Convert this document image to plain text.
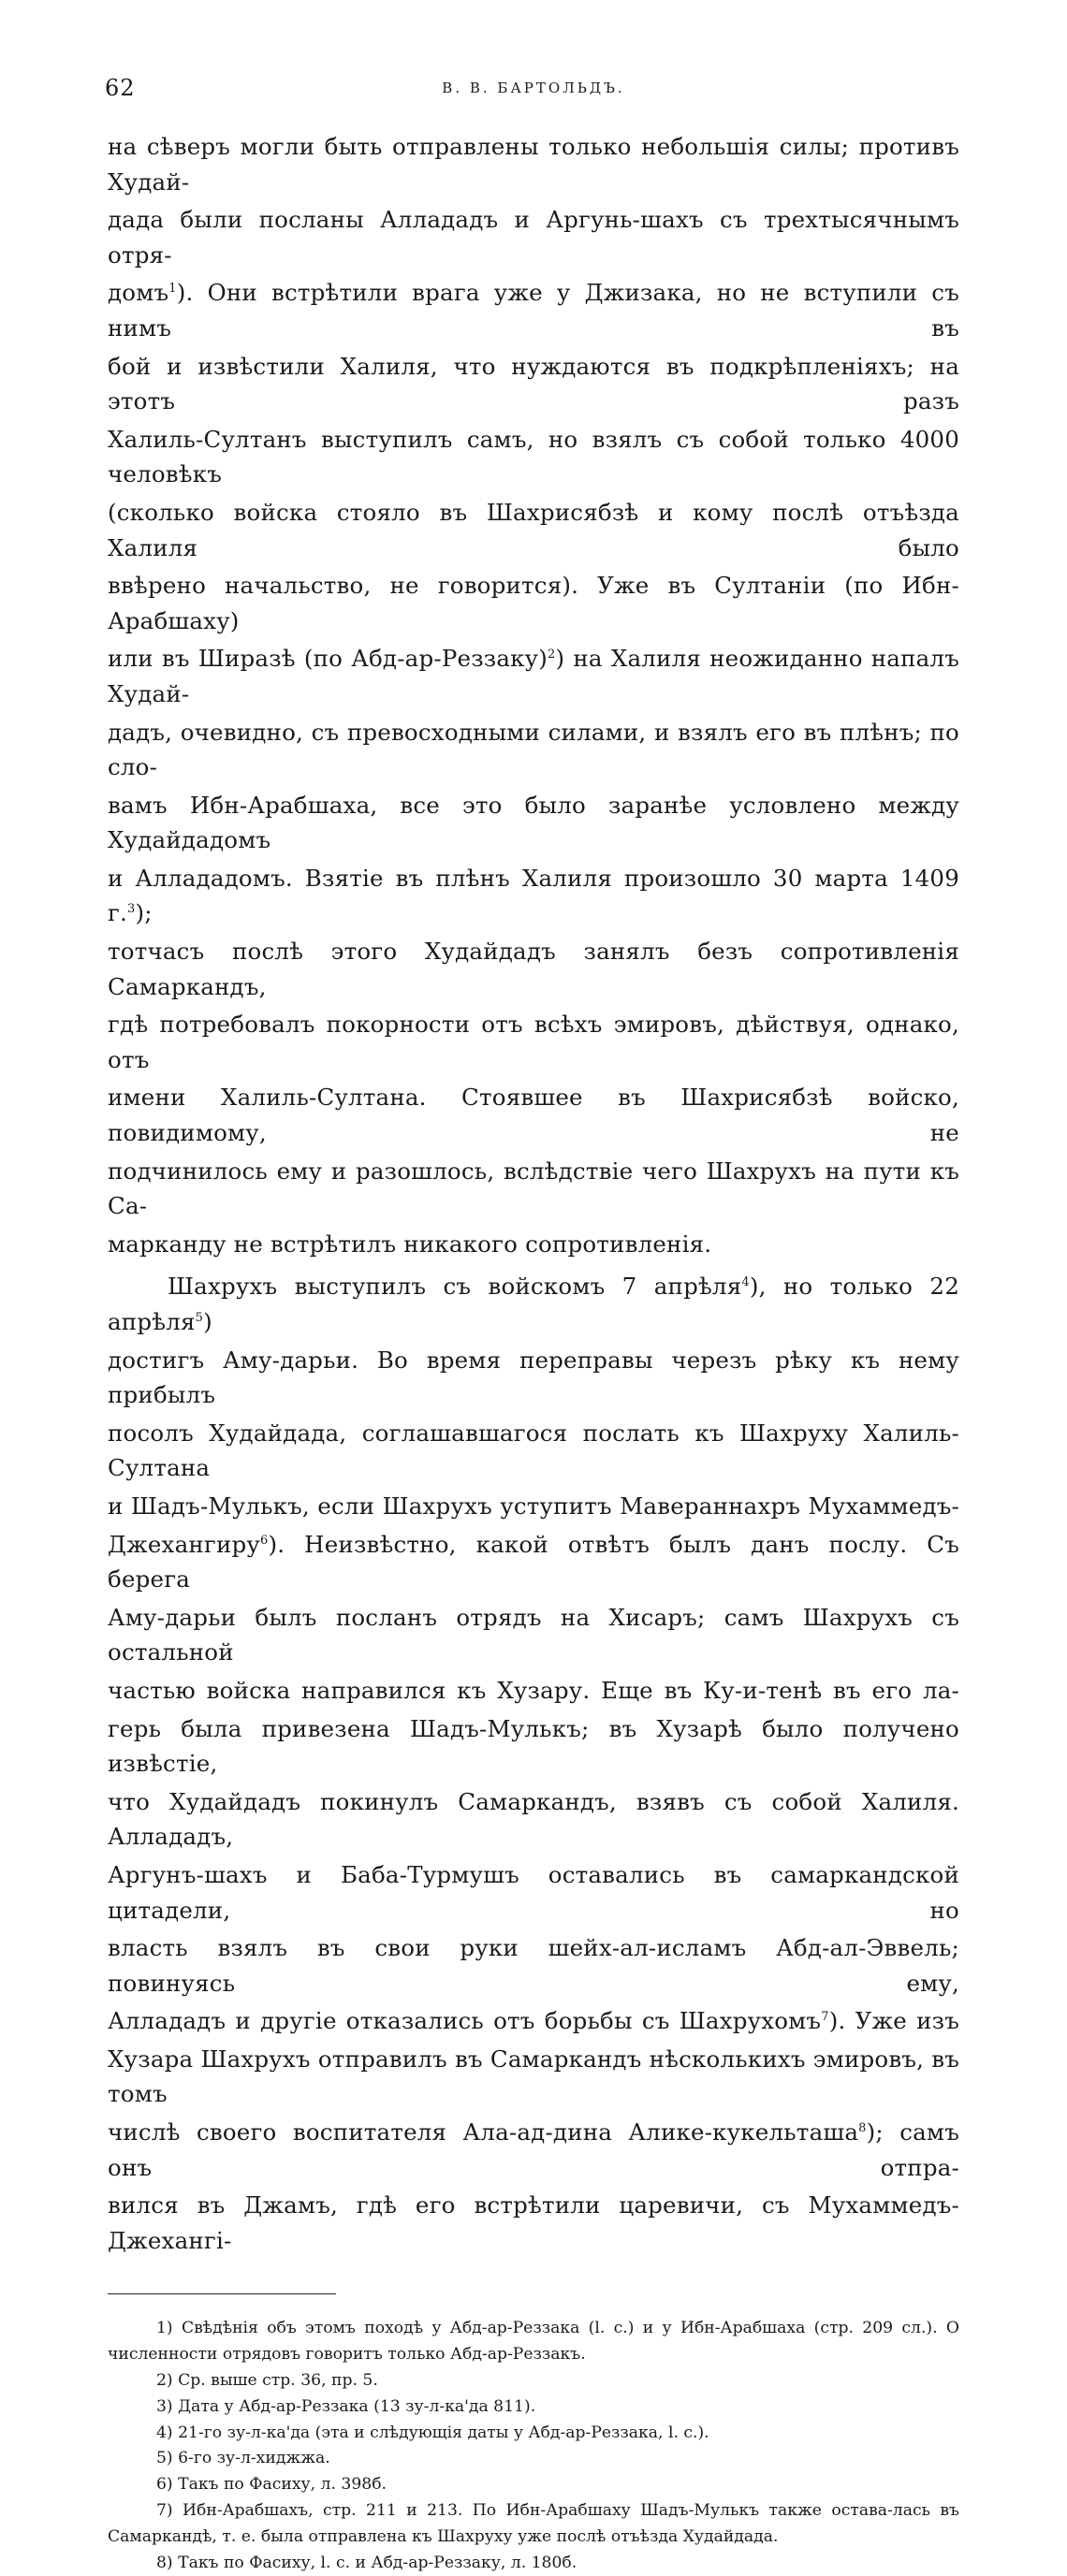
62	В. В. БАРТОЛЬДЪ.

на сѣверъ могли быть отправлены только небольшія силы; противъ Худай-

дада были посланы Аллададъ и Аргунь-шахъ съ трехтысячнымъ отря-

домъ$^1$). Они встрѣтили врага уже у Джизака, но не вступили съ нимъ въ

бой и извѣстили Халиля, что нуждаются въ подкрѣпленіяхъ; на этотъ разъ

Халиль-Султанъ выступилъ самъ, но взялъ съ собой только 4000 человѣкъ

(сколько войска стояло въ Шахрисябзѣ и кому послѣ отъѣзда Халиля было

ввѣрено начальство, не говорится). Уже въ Султаніи (по Ибн-Арабшаху)

или въ Ширазѣ (по Абд-ар-Реззаку)$^2$) на Халиля неожиданно напалъ Худай-

дадъ, очевидно, съ превосходными силами, и взялъ его въ плѣнъ; по сло-

вамъ Ибн-Арабшаха, все это было заранѣе условлено между Худайдадомъ

и Аллададомъ. Взятіе въ плѣнъ Халиля произошло 30 марта 1409 г.$^3$);

тотчасъ послѣ этого Худайдадъ занялъ безъ сопротивленія Самаркандъ,

гдѣ потребовалъ покорности отъ всѣхъ эмировъ, дѣйствуя, однако, отъ

имени Халиль-Султана. Стоявшее въ Шахрисябзѣ войско, повидимому, не

подчинилось ему и разошлось, вслѣдствіе чего Шахрухъ на пути къ Са-

марканду не встрѣтилъ никакого сопротивленія.

Шахрухъ выступилъ съ войскомъ 7 апрѣля$^4$), но только 22 апрѣля$^5$)

достигъ Аму-дарьи. Во время переправы черезъ рѣку къ нему прибылъ

посолъ Худайдада, соглашавшагося послать къ Шахруху Халиль-Султана

и Шадъ-Мулькъ, если Шахрухъ уступитъ Мавераннахръ Мухаммедъ-

Джехангиру$^6$). Неизвѣстно, какой отвѣтъ былъ данъ послу. Съ берега

Аму-дарьи былъ посланъ отрядъ на Хисаръ; самъ Шахрухъ съ остальной

частью войска направился къ Хузару. Еще въ Ку-и-тенѣ въ его ла-

герь была привезена Шадъ-Мулькъ; въ Хузарѣ было получено извѣстіе,

что Худайдадъ покинулъ Самаркандъ, взявъ съ собой Халиля. Аллададъ,

Аргунъ-шахъ и Баба-Турмушъ оставались въ самаркандской цитадели, но

власть взялъ въ свои руки шейх-ал-исламъ Абд-ал-Эввель; повинуясь ему,

Аллададъ и другіе отказались отъ борьбы съ Шахрухомъ$^7$). Уже изъ

Хузара Шахрухъ отправилъ въ Самаркандъ нѣсколькихъ эмировъ, въ томъ

числѣ своего воспитателя Ала-ад-дина Алике-кукельташа$^8$); самъ онъ отпра-

вился въ Джамъ, гдѣ его встрѣтили царевичи, съ Мухаммедъ-Джехангі-

1) Свѣдѣнія объ этомъ походѣ у Абд-ар-Реззака (l. c.) и у Ибн-Арабшаха (стр. 209 сл.). О численности отрядовъ говоритъ только Абд-ар-Реззакъ.
2) Ср. выше стр. 36, пр. 5.
3) Дата у Абд-ар-Реззака (13 зу-л-ка'да 811).
4) 21-го зу-л-ка'да (эта и слѣдующія даты у Абд-ар-Реззака, l. c.).
5) 6-го зу-л-хиджжа.
6) Такъ по Фасиху, л. 398б.
7) Ибн-Арабшахъ, стр. 211 и 213. По Ибн-Арабшаху Шадъ-Мулькъ также остава-лась въ Самаркандѣ, т. е. была отправлена къ Шахруху уже послѣ отъѣзда Худайдада.
8) Такъ по Фасиху, l. c. и Абд-ар-Реззаку, л. 180б.
